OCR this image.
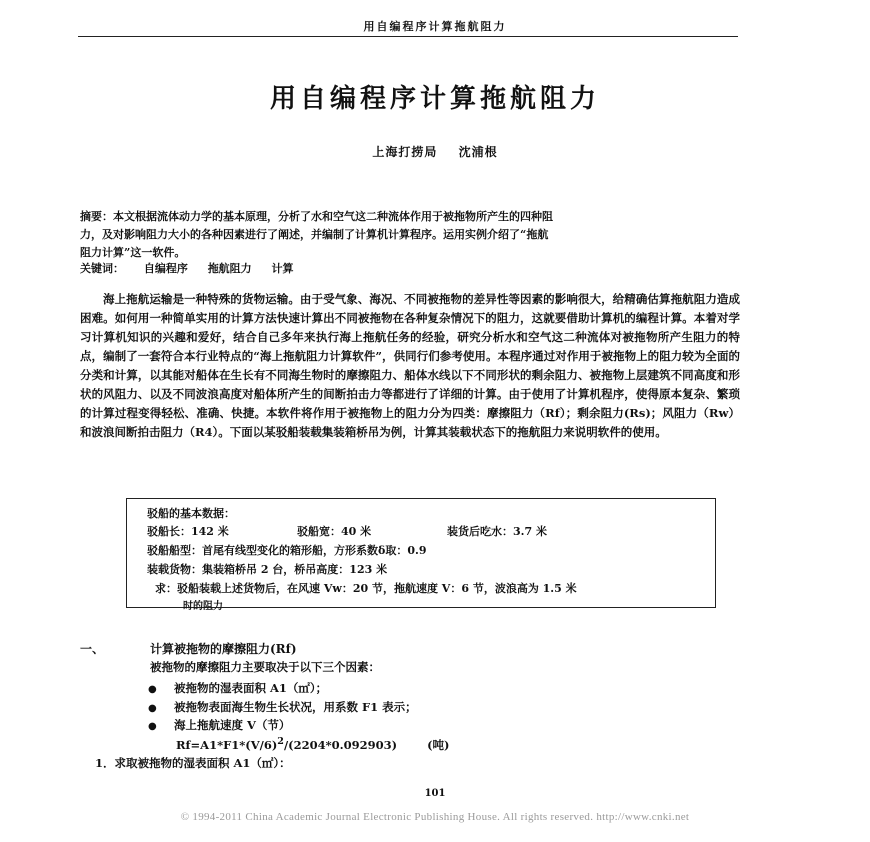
用自编程序计算拖航阻力
用自编程序计算拖航阻力
上海打捞局 沈浦根
摘要：本文根据流体动力学的基本原理，分析了水和空气这二种流体作用于被拖物所产生的四种阻
力，及对影响阻力大小的各种因素进行了阐述，并编制了计算机计算程序。运用实例介绍了“拖航
阻力计算”这一软件。
关键词： 自编程序 拖航阻力 计算
海上拖航运输是一种特殊的货物运输。由于受气象、海况、不同被拖物的差异性等因素的影响很大，给精确估算拖航阻力造成困难。如何用一种简单实用的计算方法快速计算出不同被拖物在各种复杂情况下的阻力，这就要借助计算机的编程计算。本着对学习计算机知识的兴趣和爱好，结合自己多年来执行海上拖航任务的经验，研究分析水和空气这二种流体对被拖物所产生阻力的特点，编制了一套符合本行业特点的“海上拖航阻力计算软件”，供同行们参考使用。本程序通过对作用于被拖物上的阻力较为全面的分类和计算，以其能对船体在生长有不同海生物时的摩擦阻力、船体水线以下不同形状的剩余阻力、被拖物上层建筑不同高度和形状的风阻力、以及不同波浪高度对船体所产生的间断拍击力等都进行了详细的计算。由于使用了计算机程序，使得原本复杂、繁琐的计算过程变得轻松、准确、快捷。本软件将作用于被拖物上的阻力分为四类：摩擦阻力（Rf）；剩余阻力(Rs)；风阻力（Rw）和波浪间断拍击阻力（R4）。下面以某驳船装载集装箱桥吊为例，计算其装载状态下的拖航阻力来说明软件的使用。
驳船的基本数据：
驳船长：142 米	驳船宽：40 米	装货后吃水：3.7 米
驳船船型：首尾有线型变化的箱形船，方形系数δ取：0.9
装载货物：集装箱桥吊 2 台，桥吊高度：123 米
求：驳船装载上述货物后，在风速 Vw：20 节，拖航速度 V：6 节，波浪高为 1.5 米
时的阻力
一、	计算被拖物的摩擦阻力(Rf)
被拖物的摩擦阻力主要取决于以下三个因素：
● 被拖物的湿表面积 A1（㎡）；
● 被拖物表面海生物生长状况，用系数 F1 表示；
● 海上拖航速度 V（节）
$Rf=A1*F1*(V/6)^2/(2204*0.092903)$	(吨)
1．求取被拖物的湿表面积 A1（㎡）：
101
© 1994-2011 China Academic Journal Electronic Publishing House. All rights reserved. http://www.cnki.net
